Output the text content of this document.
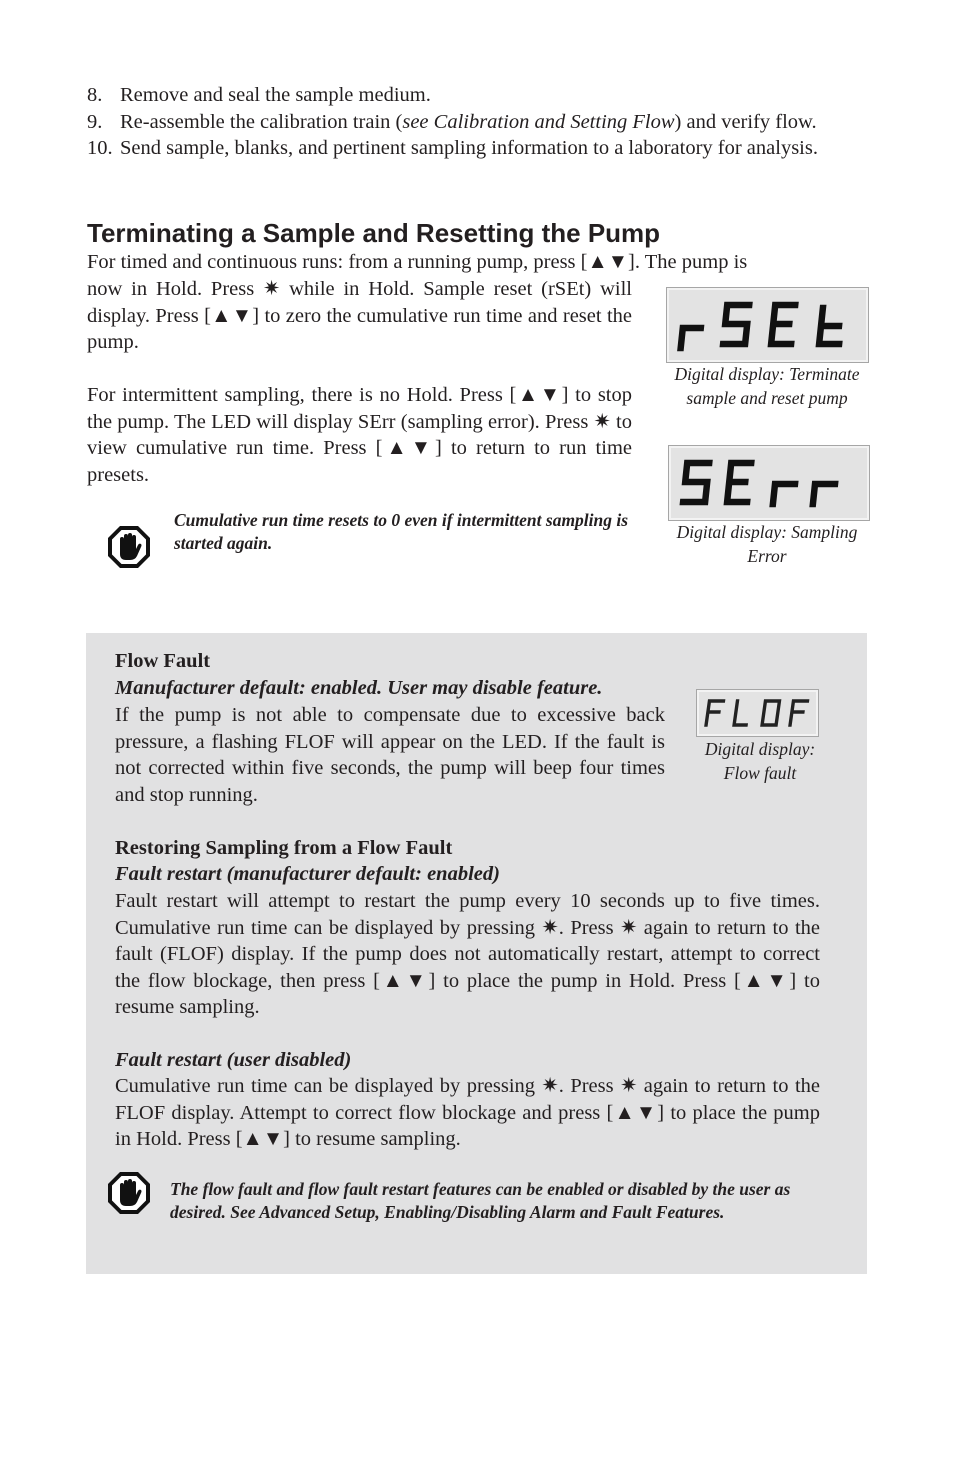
8. Remove and seal the sample medium.
9. Re-assemble the calibration train (see Calibration and Setting Flow) and verify flow.
10. Send sample, blanks, and pertinent sampling information to a laboratory for analysis.
Terminating a Sample and Resetting the Pump

For timed and continuous runs: from a running pump, press [▲▼]. The pump is

now in Hold. Press ✷ while in Hold. Sample reset (rSEt) will display. Press [▲▼] to zero the cumulative run time and reset the pump.

For intermittent sampling, there is no Hold. Press [▲▼] to stop the pump. The LED will display SErr (sampling error). Press ✷ to view cumulative run time. Press [▲▼] to return to run time presets.

Digital display: Terminate sample and reset pump
Digital display: Sampling Error
Cumulative run time resets to 0 even if intermittent sampling is started again.

Flow Fault

Manufacturer default: enabled. User may disable feature.

If the pump is not able to compensate due to excessive back pressure, a flashing FLOF will appear on the LED. If the fault is not corrected within five seconds, the pump will beep four times and stop running.

Digital display: Flow fault

Restoring Sampling from a Flow Fault

Fault restart (manufacturer default: enabled)

Fault restart will attempt to restart the pump every 10 seconds up to five times. Cumulative run time can be displayed by pressing ✷. Press ✷ again to return to the fault (FLOF) display. If the pump does not automatically restart, attempt to correct the flow blockage, then press [▲▼] to place the pump in Hold. Press [▲▼] to resume sampling.

Fault restart (user disabled)

Cumulative run time can be displayed by pressing ✷. Press ✷ again to return to the FLOF display. Attempt to correct flow blockage and press [▲▼] to place the pump in Hold. Press [▲▼] to resume sampling.

The flow fault and flow fault restart features can be enabled or disabled by the user as desired. See Advanced Setup, Enabling/Disabling Alarm and Fault Features.
